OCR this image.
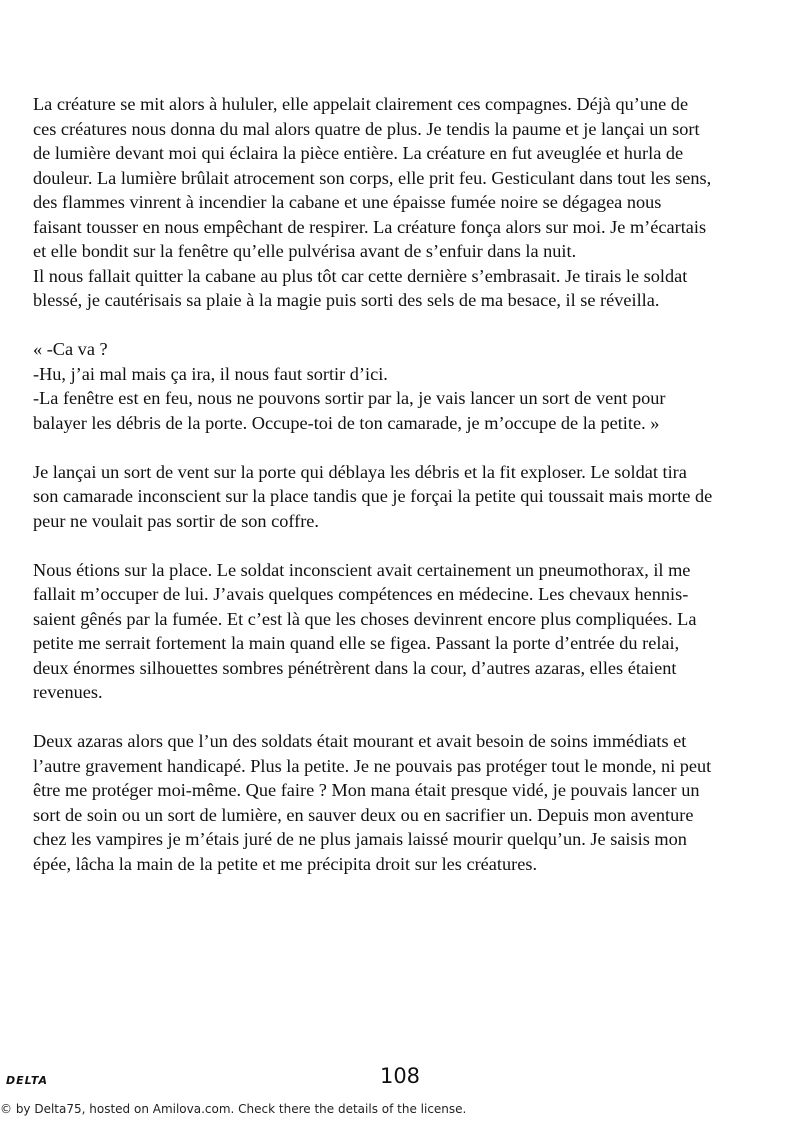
La créature se mit alors à hululer, elle appelait clairement ces compagnes. Déjà qu’une de
ces créatures nous donna du mal alors quatre de plus. Je tendis la paume et je lançai un sort
de lumière devant moi qui éclaira la pièce entière. La créature en fut aveuglée et hurla de
douleur. La lumière brûlait atrocement son corps, elle prit feu. Gesticulant dans tout les sens,
des flammes vinrent à incendier la cabane et une épaisse fumée noire se dégagea nous
faisant tousser en nous empêchant de respirer. La créature fonça alors sur moi. Je m’écartais
et elle bondit sur la fenêtre qu’elle pulvérisa avant de s’enfuir dans la nuit.
Il nous fallait quitter la cabane au plus tôt car cette dernière s’embrasait. Je tirais le soldat
blessé, je cautérisais sa plaie à la magie puis sorti des sels de ma besace, il se réveilla.

« -Ca va ?
-Hu, j’ai mal mais ça ira, il nous faut sortir d’ici.
-La fenêtre est en feu, nous ne pouvons sortir par la, je vais lancer un sort de vent pour
balayer les débris de la porte. Occupe-toi de ton camarade, je m’occupe de la petite. »

Je lançai un sort de vent sur la porte qui déblaya les débris et la fit exploser. Le soldat tira
son camarade inconscient sur la place tandis que je forçai la petite qui toussait mais morte de
peur ne voulait pas sortir de son coffre.

Nous étions sur la place. Le soldat inconscient avait certainement un pneumothorax, il me
fallait m’occuper de lui. J’avais quelques compétences en médecine. Les chevaux hennis-
saient gênés par la fumée. Et c’est là que les choses devinrent encore plus compliquées. La
petite me serrait fortement la main quand elle se figea. Passant la porte d’entrée du relai,
deux énormes silhouettes sombres pénétrèrent dans la cour, d’autres azaras, elles étaient
revenues.

Deux azaras alors que l’un des soldats était mourant et avait besoin de soins immédiats et
l’autre gravement handicapé. Plus la petite. Je ne pouvais pas protéger tout le monde, ni peut
être me protéger moi-même. Que faire ? Mon mana était presque vidé, je pouvais lancer un
sort de soin ou un sort de lumière, en sauver deux ou en sacrifier un. Depuis mon aventure
chez les vampires je m’étais juré de ne plus jamais laissé mourir quelqu’un. Je saisis mon
épée, lâcha la main de la petite et me précipita droit sur les créatures.

DELTA	108
© by Delta75, hosted on Amilova.com. Check there the details of the license.
